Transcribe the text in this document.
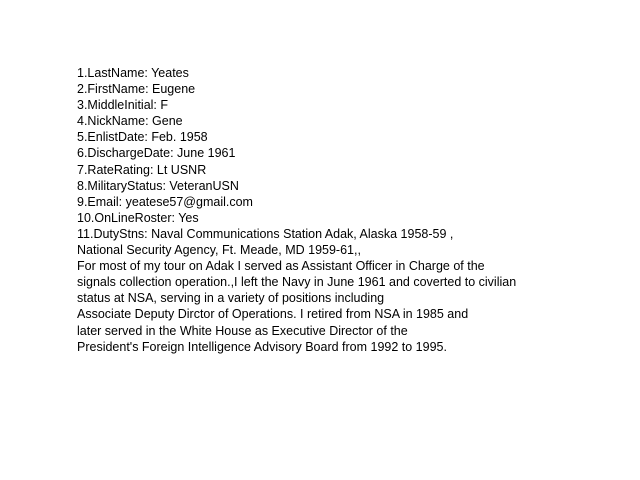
1.LastName: Yeates
2.FirstName: Eugene
3.MiddleInitial: F
4.NickName: Gene
5.EnlistDate: Feb. 1958
6.DischargeDate: June 1961
7.RateRating: Lt USNR
8.MilitaryStatus: VeteranUSN
9.Email: yeatese57@gmail.com
10.OnLineRoster: Yes
11.DutyStns: Naval Communications Station Adak, Alaska 1958-59 ,
National Security Agency, Ft. Meade, MD 1959-61,,
For most of my tour on Adak I served as Assistant Officer in Charge of the
signals collection operation.,I left the Navy in June 1961 and coverted to civilian
status at NSA, serving in a variety of positions including
Associate Deputy Dirctor of Operations. I retired from NSA in 1985 and
later served in the White House as Executive Director of the
President's Foreign Intelligence Advisory Board from 1992 to 1995.
